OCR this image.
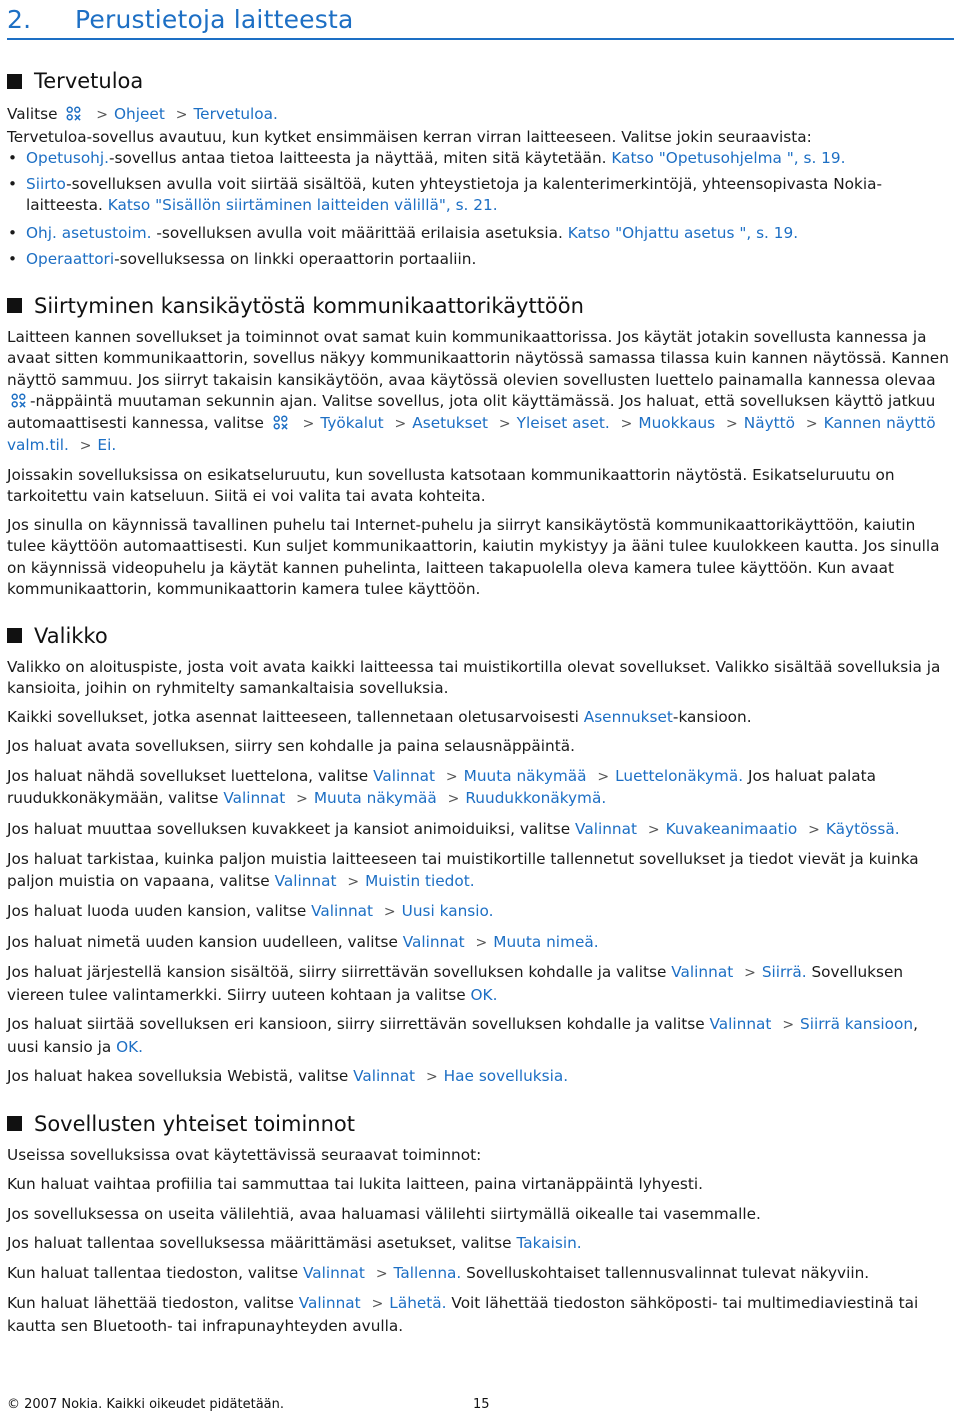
2. Perustietoja laitteesta
Tervetuloa

Valitse	> Ohjeet > Tervetuloa.

Tervetuloa-sovellus avautuu, kun kytket ensimmäisen kerran virran laitteeseen. Valitse jokin seuraavista:

• Opetusohj.-sovellus antaa tietoa laitteesta ja näyttää, miten sitä käytetään. Katso "Opetusohjelma ", s. 19.
• Siirto-sovelluksen avulla voit siirtää sisältöä, kuten yhteystietoja ja kalenterimerkintöjä, yhteensopivasta Nokia-laitteesta. Katso "Sisällön siirtäminen laitteiden välillä", s. 21.
• Ohj. asetustoim. -sovelluksen avulla voit määrittää erilaisia asetuksia. Katso "Ohjattu asetus ", s. 19.
• Operaattori-sovelluksessa on linkki operaattorin portaaliin.
Siirtyminen kansikäytöstä kommunikaattorikäyttöön

Laitteen kannen sovellukset ja toiminnot ovat samat kuin kommunikaattorissa. Jos käytät jotakin sovellusta kannessa ja avaat sitten kommunikaattorin, sovellus näkyy kommunikaattorin näytössä samassa tilassa kuin kannen näytössä. Kannen näyttö sammuu. Jos siirryt takaisin kansikäytöön, avaa käytössä olevien sovellusten luettelo painamalla kannessa olevaa-näppäintä muutaman sekunnin ajan. Valitse sovellus, jota olit käyttämässä. Jos haluat, että sovelluksen käyttö jatkuu automaattisesti kannessa, valitse	> Työkalut > Asetukset > Yleiset aset. > Muokkaus > Näyttö > Kannen näyttö valm.til. > Ei.

Joissakin sovelluksissa on esikatseluruutu, kun sovellusta katsotaan kommunikaattorin näytöstä. Esikatseluruutu on tarkoitettu vain katseluun. Siitä ei voi valita tai avata kohteita.

Jos sinulla on käynnissä tavallinen puhelu tai Internet-puhelu ja siirryt kansikäytöstä kommunikaattorikäyttöön, kaiutin tulee käyttöön automaattisesti. Kun suljet kommunikaattorin, kaiutin mykistyy ja ääni tulee kuulokkeen kautta. Jos sinulla on käynnissä videopuhelu ja käytät kannen puhelinta, laitteen takapuolella oleva kamera tulee käyttöön. Kun avaat kommunikaattorin, kommunikaattorin kamera tulee käyttöön.

Valikko

Valikko on aloituspiste, josta voit avata kaikki laitteessa tai muistikortilla olevat sovellukset. Valikko sisältää sovelluksia ja kansioita, joihin on ryhmitelty samankaltaisia sovelluksia.

Kaikki sovellukset, jotka asennat laitteeseen, tallennetaan oletusarvoisesti Asennukset-kansioon.

Jos haluat avata sovelluksen, siirry sen kohdalle ja paina selausnäppäintä.

Jos haluat nähdä sovellukset luettelona, valitse Valinnat > Muuta näkymää > Luettelonäkymä. Jos haluat palata ruudukkonäkymään, valitse Valinnat > Muuta näkymää > Ruudukkonäkymä.

Jos haluat muuttaa sovelluksen kuvakkeet ja kansiot animoiduiksi, valitse Valinnat > Kuvakeanimaatio > Käytössä.

Jos haluat tarkistaa, kuinka paljon muistia laitteeseen tai muistikortille tallennetut sovellukset ja tiedot vievät ja kuinka paljon muistia on vapaana, valitse Valinnat > Muistin tiedot.

Jos haluat luoda uuden kansion, valitse Valinnat > Uusi kansio.

Jos haluat nimetä uuden kansion uudelleen, valitse Valinnat > Muuta nimeä.

Jos haluat järjestellä kansion sisältöä, siirry siirrettävän sovelluksen kohdalle ja valitse Valinnat > Siirrä. Sovelluksen viereen tulee valintamerkki. Siirry uuteen kohtaan ja valitse OK.

Jos haluat siirtää sovelluksen eri kansioon, siirry siirrettävän sovelluksen kohdalle ja valitse Valinnat > Siirrä kansioon, uusi kansio ja OK.

Jos haluat hakea sovelluksia Webistä, valitse Valinnat > Hae sovelluksia.

Sovellusten yhteiset toiminnot

Useissa sovelluksissa ovat käytettävissä seuraavat toiminnot:

Kun haluat vaihtaa profiilia tai sammuttaa tai lukita laitteen, paina virtanäppäintä lyhyesti.

Jos sovelluksessa on useita välilehtiä, avaa haluamasi välilehti siirtymällä oikealle tai vasemmalle.

Jos haluat tallentaa sovelluksessa määrittämäsi asetukset, valitse Takaisin.

Kun haluat tallentaa tiedoston, valitse Valinnat > Tallenna. Sovelluskohtaiset tallennusvalinnat tulevat näkyviin.

Kun haluat lähettää tiedoston, valitse Valinnat > Lähetä. Voit lähettää tiedoston sähköposti- tai multimediaviestinä tai kautta sen Bluetooth- tai infrapunayhteyden avulla.

© 2007 Nokia. Kaikki oikeudet pidätetään.	15
